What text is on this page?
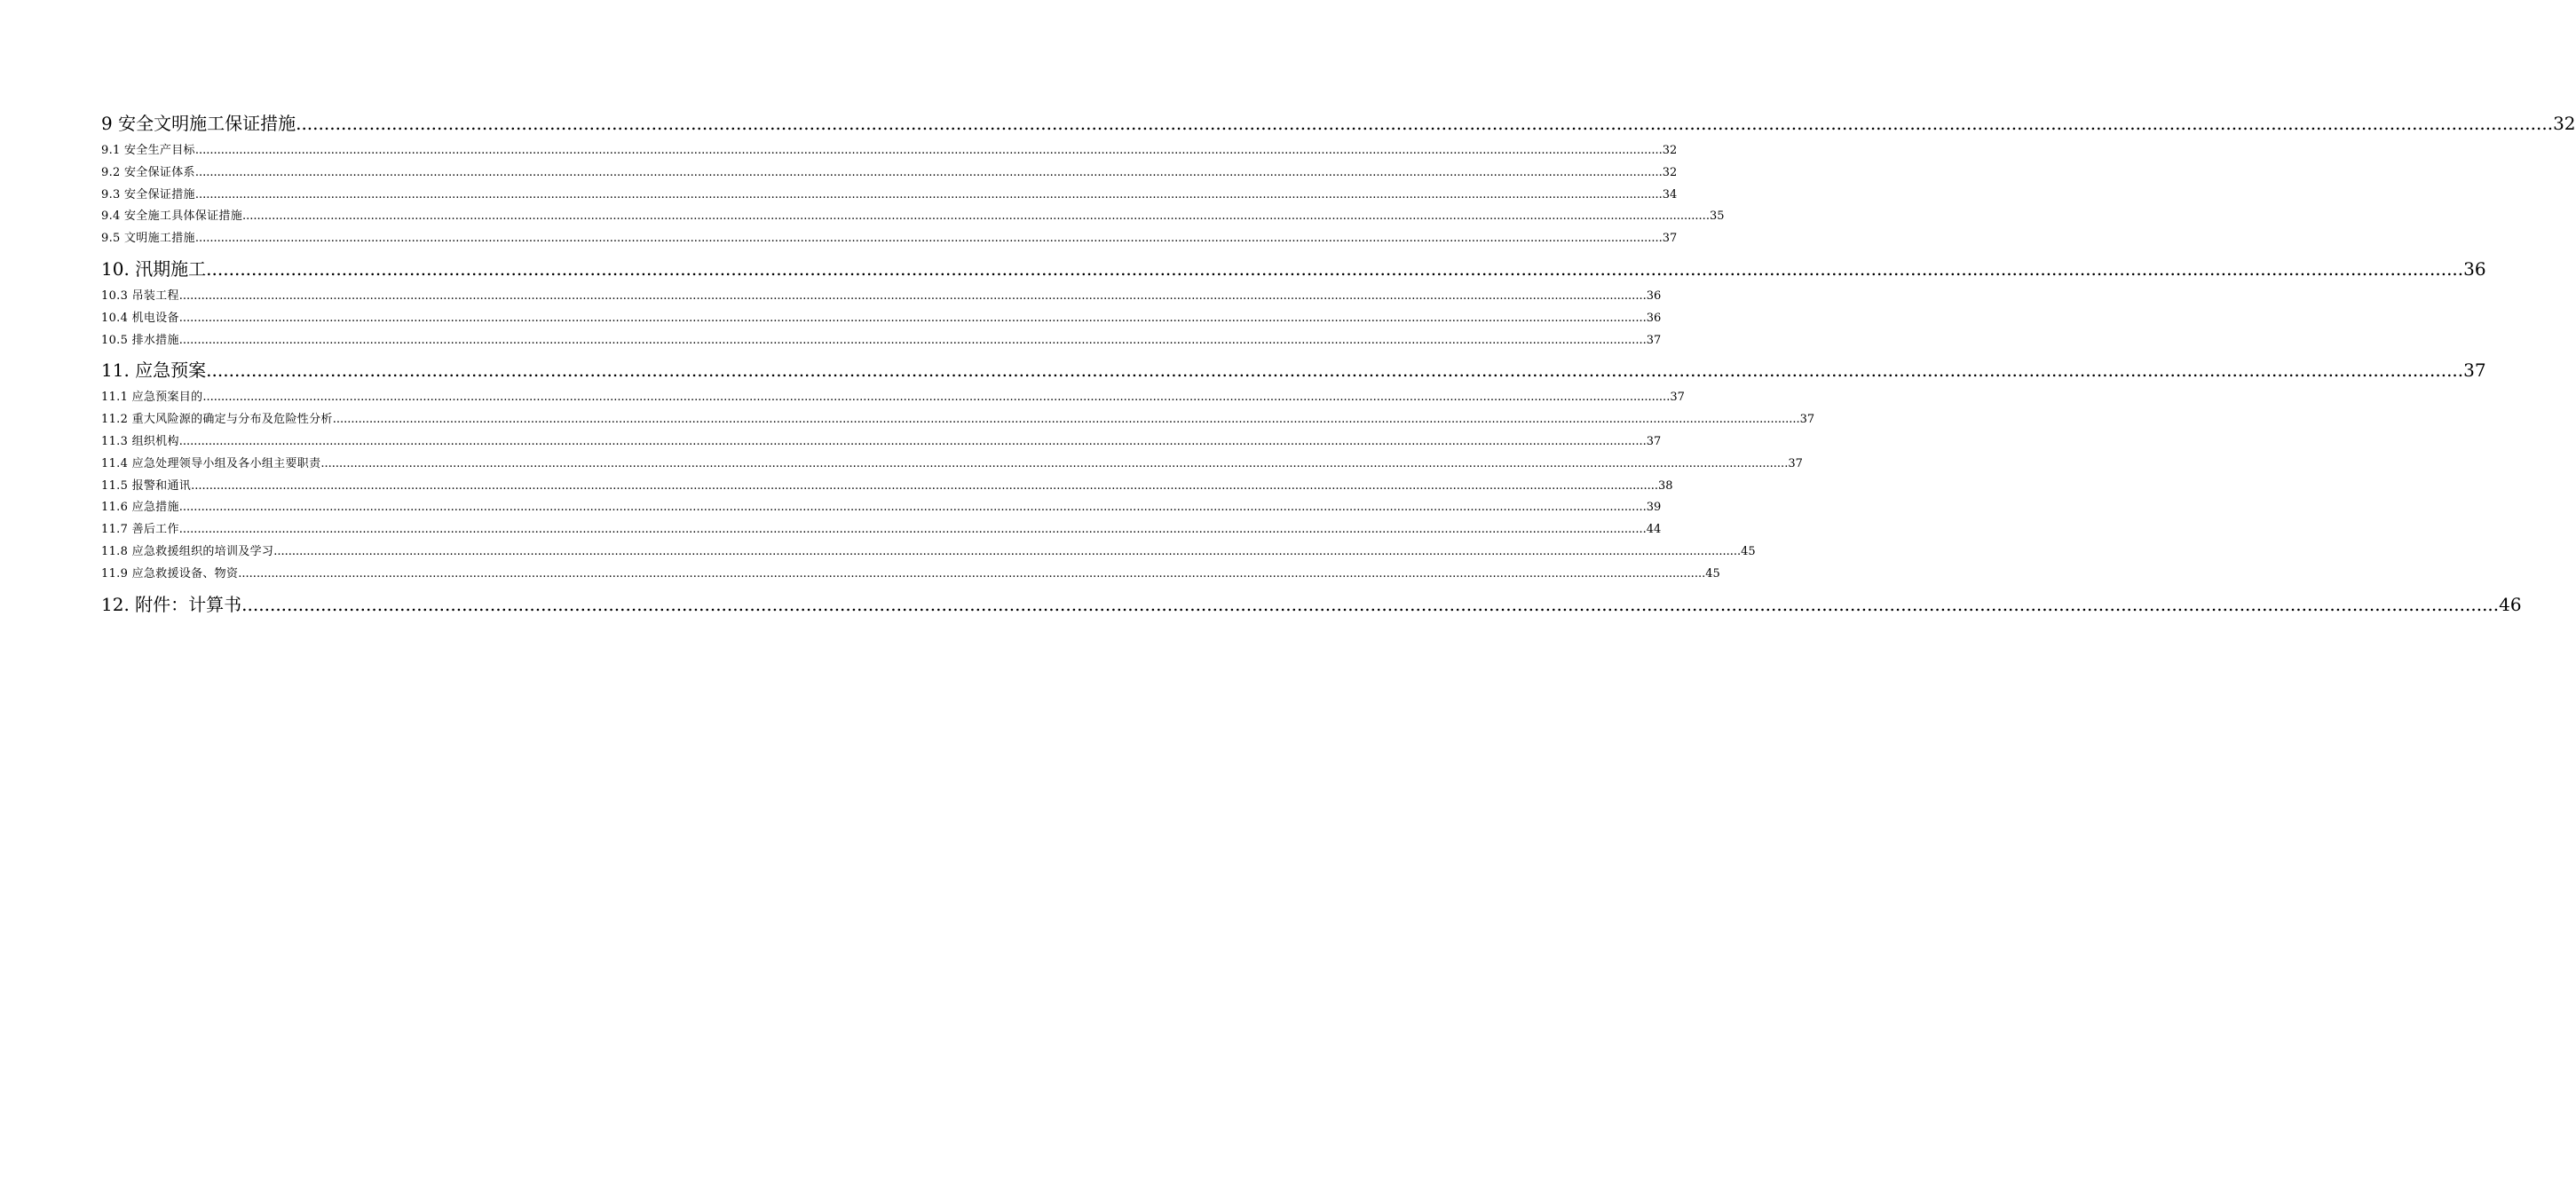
9 安全文明施工保证措施 ................................................................................................................................................................................................................................................................................................................................................................................................................ 32
9.1 安全生产目标 ................................................................................................................................................................................................................................................................................................................................................................................................................ 32
9.2 安全保证体系 ................................................................................................................................................................................................................................................................................................................................................................................................................ 32
9.3 安全保证措施 ................................................................................................................................................................................................................................................................................................................................................................................................................ 34
9.4 安全施工具体保证措施 ................................................................................................................................................................................................................................................................................................................................................................................................................ 35
9.5 文明施工措施 ................................................................................................................................................................................................................................................................................................................................................................................................................ 37
10. 汛期施工 ................................................................................................................................................................................................................................................................................................................................................................................................................ 36
10.3 吊装工程 ................................................................................................................................................................................................................................................................................................................................................................................................................ 36
10.4 机电设备 ................................................................................................................................................................................................................................................................................................................................................................................................................ 36
10.5 排水措施 ................................................................................................................................................................................................................................................................................................................................................................................................................ 37
11. 应急预案 ................................................................................................................................................................................................................................................................................................................................................................................................................ 37
11.1 应急预案目的 ................................................................................................................................................................................................................................................................................................................................................................................................................ 37
11.2 重大风险源的确定与分布及危险性分析 ................................................................................................................................................................................................................................................................................................................................................................................................................ 37
11.3 组织机构 ................................................................................................................................................................................................................................................................................................................................................................................................................ 37
11.4 应急处理领导小组及各小组主要职责 ................................................................................................................................................................................................................................................................................................................................................................................................................ 37
11.5 报警和通讯 ................................................................................................................................................................................................................................................................................................................................................................................................................ 38
11.6 应急措施 ................................................................................................................................................................................................................................................................................................................................................................................................................ 39
11.7 善后工作 ................................................................................................................................................................................................................................................................................................................................................................................................................ 44
11.8 应急救援组织的培训及学习 ................................................................................................................................................................................................................................................................................................................................................................................................................ 45
11.9 应急救援设备、物资 ................................................................................................................................................................................................................................................................................................................................................................................................................ 45
12. 附件：计算书 ................................................................................................................................................................................................................................................................................................................................................................................................................ 46
